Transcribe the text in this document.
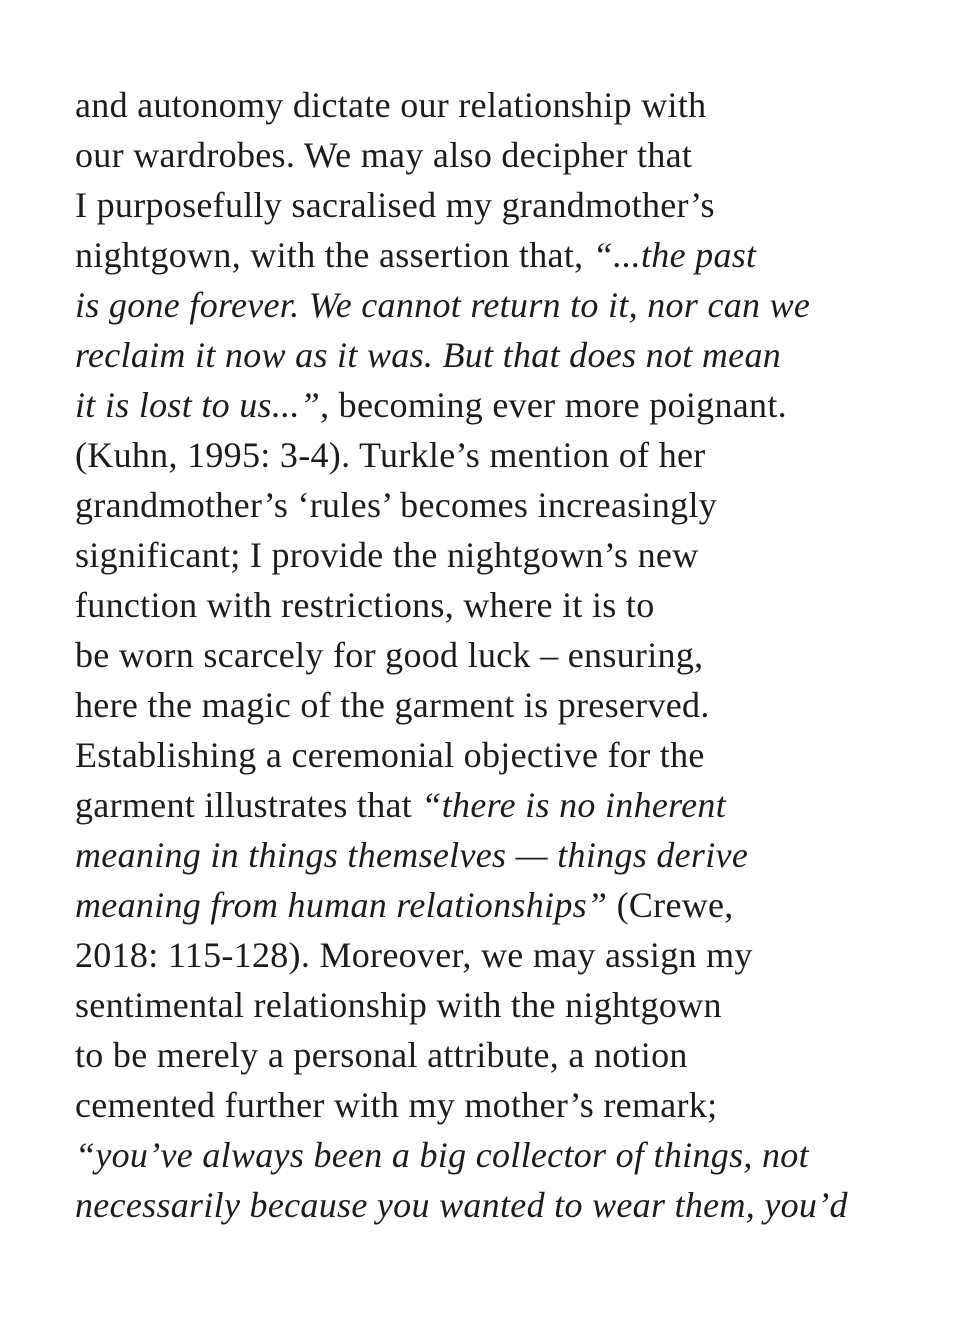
and autonomy dictate our relationship with
our wardrobes. We may also decipher that
I purposefully sacralised my grandmother’s
nightgown, with the assertion that, “...the past
is gone forever. We cannot return to it, nor can we
reclaim it now as it was. But that does not mean
it is lost to us...”, becoming ever more poignant.
(Kuhn, 1995: 3-4). Turkle’s mention of her
grandmother’s ‘rules’ becomes increasingly
significant; I provide the nightgown’s new
function with restrictions, where it is to
be worn scarcely for good luck – ensuring,
here the magic of the garment is preserved.
Establishing a ceremonial objective for the
garment illustrates that “there is no inherent
meaning in things themselves — things derive
meaning from human relationships” (Crewe,
2018: 115-128). Moreover, we may assign my
sentimental relationship with the nightgown
to be merely a personal attribute, a notion
cemented further with my mother’s remark;
“you’ve always been a big collector of things, not
necessarily because you wanted to wear them, you’d
